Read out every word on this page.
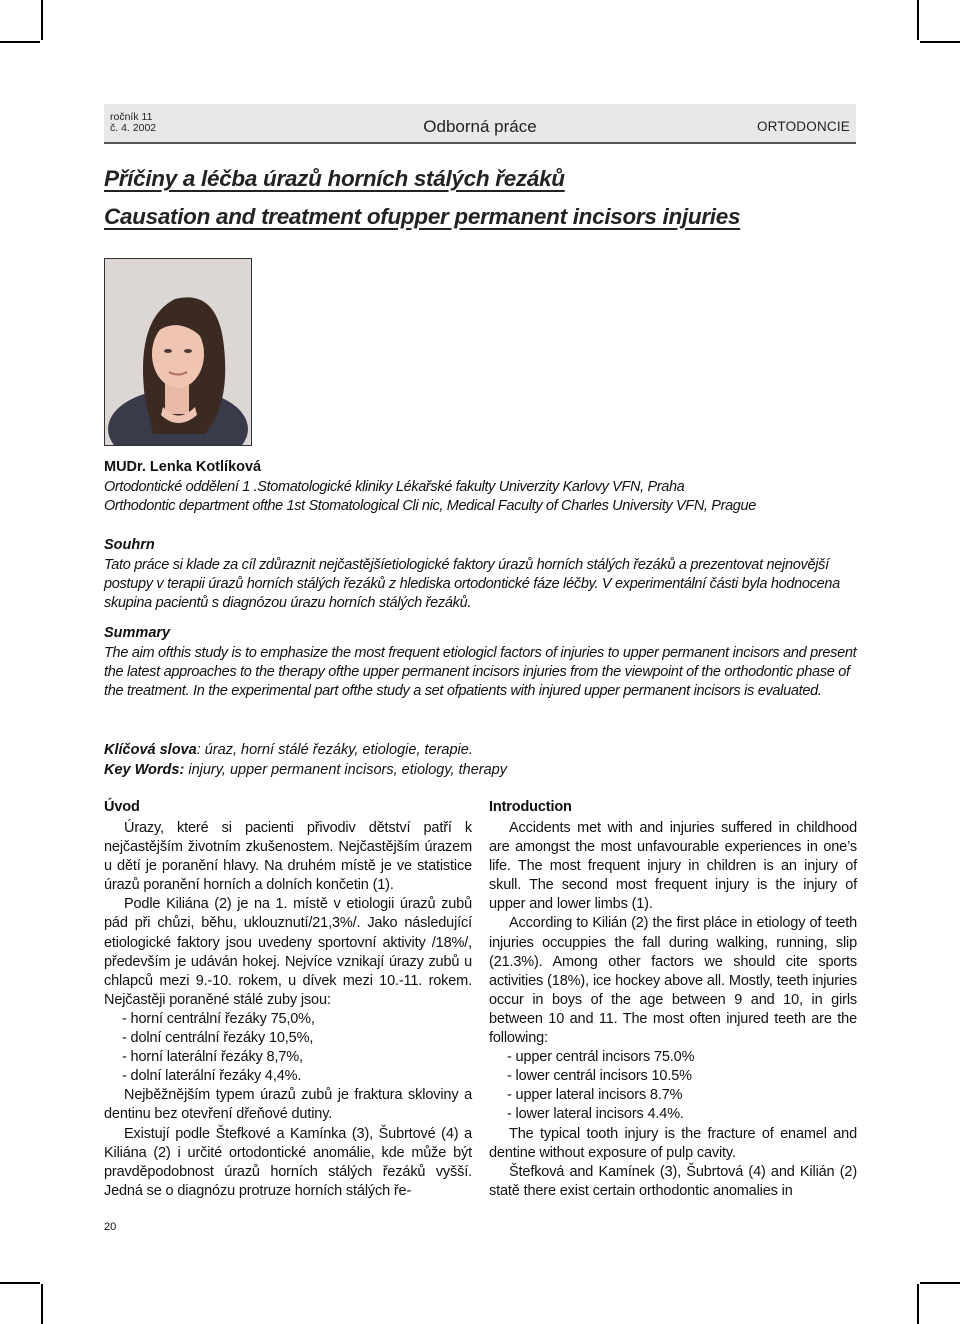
ročník 11
č. 4. 2002	Odborná práce	ORTODONCIE
Příčiny a léčba úrazů horních stálých řezáků
Causation and treatment ofupper permanent incisors injuries
MUDr. Lenka Kotlíková
Ortodontické oddělení 1 .Stomatologické kliniky Lékařské fakulty Univerzity Karlovy VFN, Praha
Orthodontic department ofthe 1st Stomatological Cli nic, Medical Faculty of Charles University VFN, Prague
Souhrn

Tato práce si klade za cíl zdůraznit nejčastějšíetiologické faktory úrazů horních stálých řezáků a prezentovat nejnovější postupy v terapii úrazů horních stálých řezáků z hlediska ortodontické fáze léčby. V experimentální části byla hodnocena skupina pacientů s diagnózou úrazu horních stálých řezáků.

Summary

The aim ofthis study is to emphasize the most frequent etiologicl factors of injuries to upper permanent incisors and present the latest approaches to the therapy ofthe upper permanent incisors injuries from the viewpoint of the orthodontic phase of the treatment. In the experimental part ofthe study a set ofpatients with injured upper permanent incisors is evaluated.

Klíčová slova: úraz, horní stálé řezáky, etiologie, terapie.
Key Words: injury, upper permanent incisors, etiology, therapy
Úvod

Úrazy, které si pacienti přivodiv dětství patří k nejčastějším životním zkušenostem. Nejčastějším úrazem u dětí je poranění hlavy. Na druhém místě je ve statistice úrazů poranění horních a dolních končetin (1).

Podle Kiliána (2) je na 1. místě v etiologii úrazů zubů pád při chůzi, běhu, uklouznutí/21,3%/. Jako následující etiologické faktory jsou uvedeny sportovní aktivity /18%/, především je udáván hokej. Nejvíce vznikají úrazy zubů u chlapců mezi 9.-10. rokem, u dívek mezi 10.-11. rokem. Nejčastěji poraněné stálé zuby jsou:

- horní centrální řezáky 75,0%,
- dolní centrální řezáky 10,5%,
- horní laterální řezáky 8,7%,
- dolní laterální řezáky 4,4%.

Nejběžnějším typem úrazů zubů je fraktura skloviny a dentinu bez otevření dřeňové dutiny.

Existují podle Štefkové a Kamínka (3), Šubrtové (4) a Kiliána (2) i určité ortodontické anomálie, kde může být pravděpodobnost úrazů horních stálých řezáků vyšší. Jedná se o diagnózu protruze horních stálých ře-

Introduction

Accidents met with and injuries suffered in childhood are amongst the most unfavourable experiences in one’s life. The most frequent injury in children is an injury of skull. The second most frequent injury is the injury of upper and lower limbs (1).

According to Kilián (2) the first pláce in etiology of teeth injuries occuppies the fall during walking, running, slip (21.3%). Among other factors we should cite sports activities (18%), ice hockey above all. Mostly, teeth injuries occur in boys of the age between 9 and 10, in girls between 10 and 11. The most often injured teeth are the following:

- upper centrál incisors 75.0%
- lower centrál incisors 10.5%
- upper lateral incisors 8.7%
- lower lateral incisors 4.4%.

The typical tooth injury is the fracture of enamel and dentine without exposure of pulp cavity.

Štefková and Kamínek (3), Šubrtová (4) and Kilián (2) statě there exist certain orthodontic anomalies in

20
